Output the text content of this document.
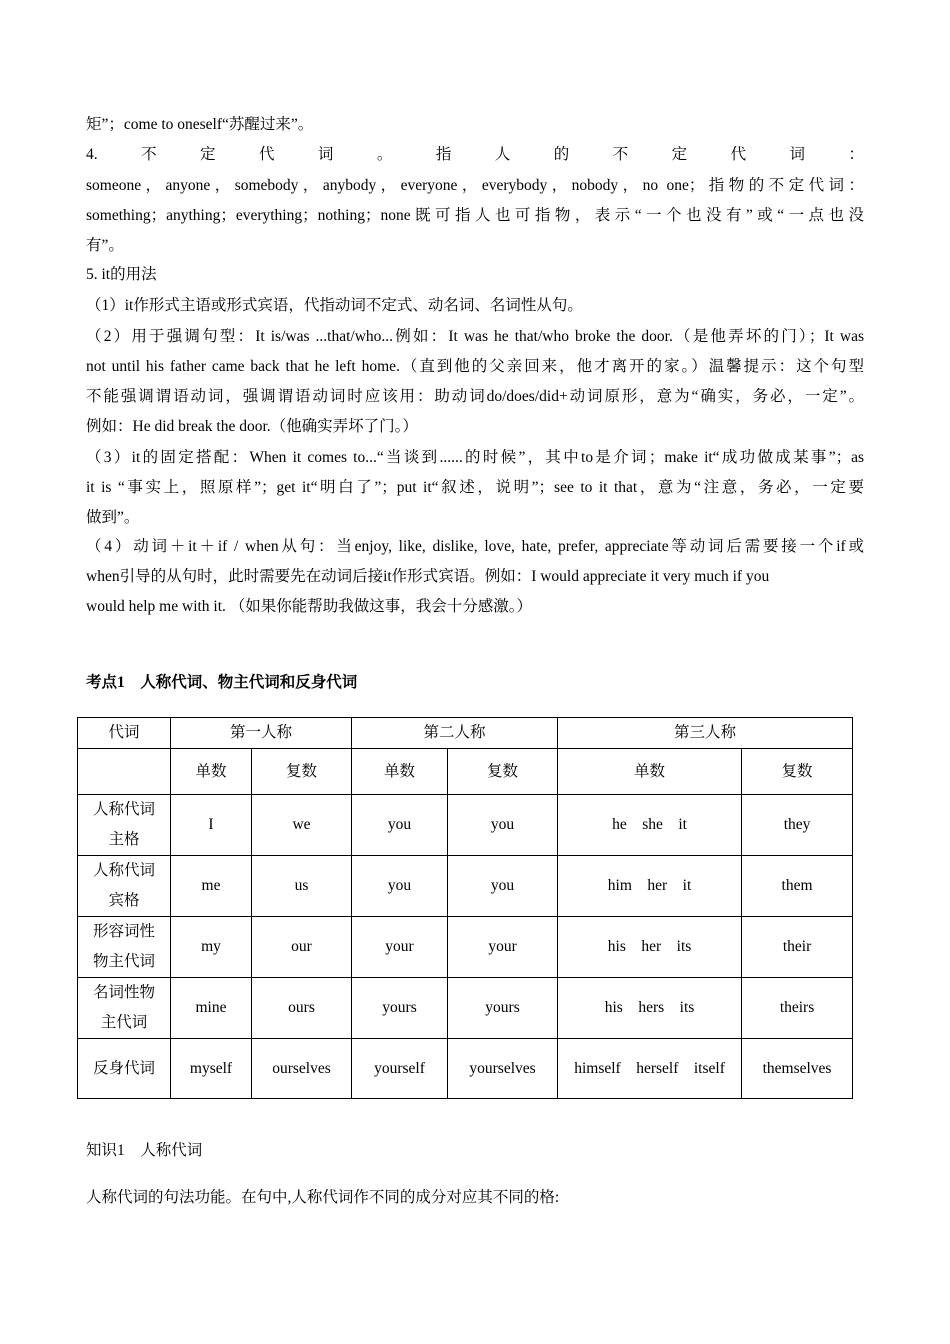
矩”；come to oneself“苏醒过来”。
4.不定代词。指人的不定代词：
someone，anyone，somebody，anybody，everyone，everybody，nobody，no one；指物的不定代词：
something；anything；everything；nothing；none既可指人也可指物，表示“一个也没有”或“一点也没
有”。
5. it的用法
（1）it作形式主语或形式宾语，代指动词不定式、动名词、名词性从句。
（2）用于强调句型：It is/was ...that/who...例如：It was he that/who broke the door.（是他弄坏的门）；It was
not until his father came back that he left home.（直到他的父亲回来，他才离开的家。）温馨提示：这个句型
不能强调谓语动词，强调谓语动词时应该用：助动词do/does/did+动词原形，意为“确实，务必，一定”。
例如：He did break the door.（他确实弄坏了门。）
（3）it的固定搭配：When it comes to...“当谈到......的时候”，其中to是介词；make it“成功做成某事”；as
it is “事实上，照原样”；get it“明白了”；put it“叙述，说明”；see to it that，意为“注意，务必，一定要
做到”。
（4）动词＋it＋if / when从句：当enjoy, like, dislike, love, hate, prefer, appreciate等动词后需要接一个if或
when引导的从句时，此时需要先在动词后接it作形式宾语。例如：I would appreciate it very much if you
would help me with it. （如果你能帮助我做这事，我会十分感激。）
考点1　人称代词、物主代词和反身代词
代词	第一人称		第二人称		第三人称	
	单数	复数	单数	复数	单数	复数
人称代词
主格	I	we	you	you	he　she　it	they
人称代词
宾格	me	us	you	you	him　her　it	them
形容词性
物主代词	my	our	your	your	his　her　its	their
名词性物
主代词	mine	ours	yours	yours	his　hers　its	theirs
反身代词	myself	ourselves	yourself	yourselves	himself　herself　itself	themselves
知识1　人称代词
人称代词的句法功能。在句中,人称代词作不同的成分对应其不同的格:
